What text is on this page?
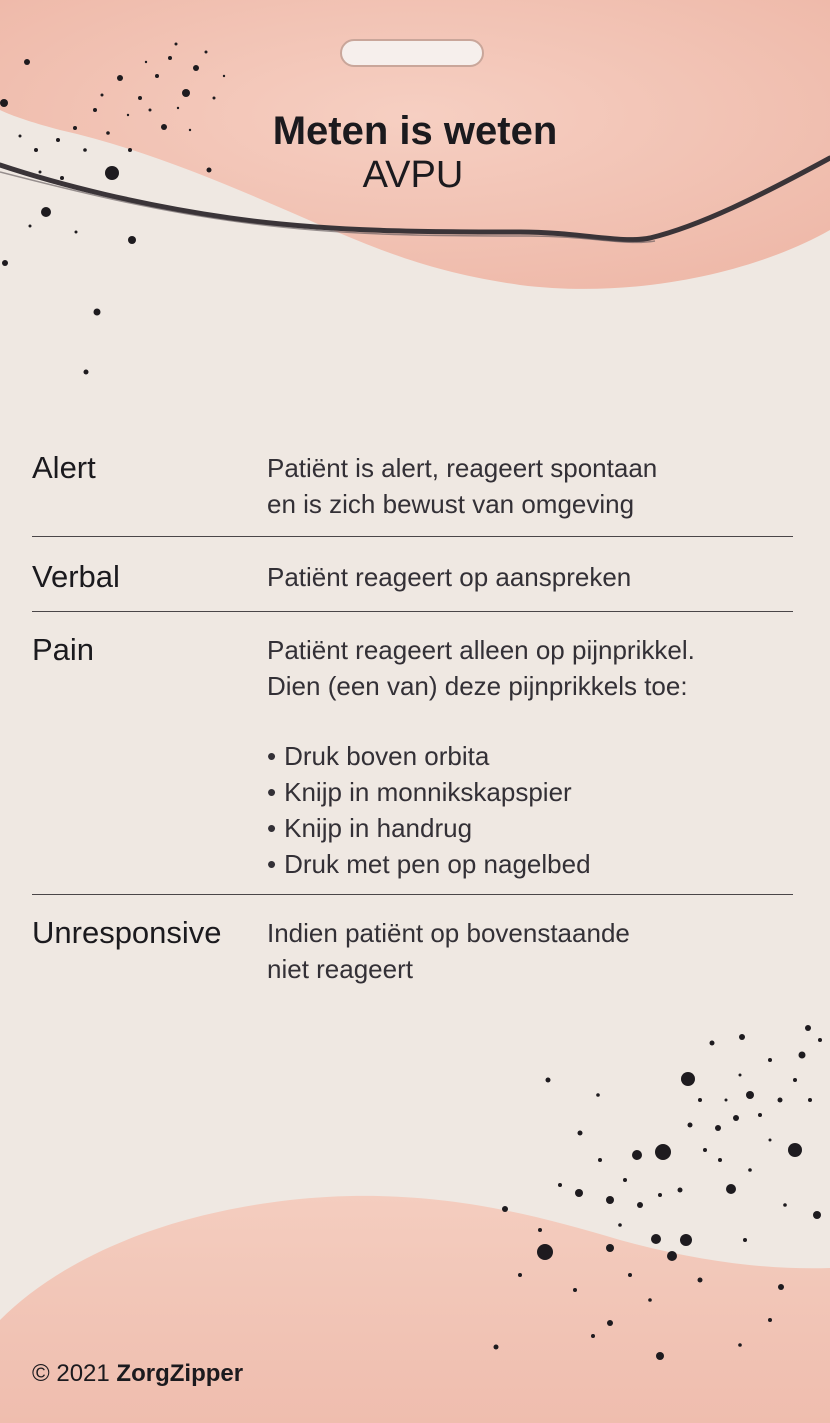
Meten is weten
AVPU
Alert	Patiënt is alert, reageert spontaan

en is zich bewust van omgeving

Verbal	Patiënt reageert op aanspreken

Pain	Patiënt reageert alleen op pijnprikkel.

Dien (een van) deze pijnprikkels toe:

• Druk boven orbita
• Knijp in monnikskapspier
• Knijp in handrug
• Druk met pen op nagelbed
Unresponsive	Indien patiënt op bovenstaande

niet reageert

© 2021 ZorgZipper
